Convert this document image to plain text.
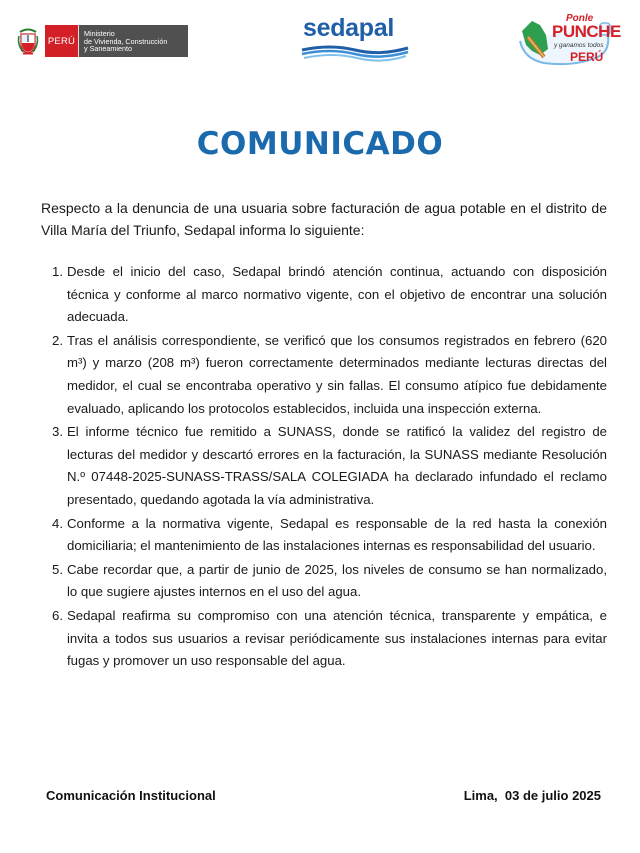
PERÚ
Ministerio
de Vivienda, Construcción
y Saneamiento
sedapal	Ponle
PUNCHE
y ganamos todos
PERÚ
COMUNICADO

Respecto a la denuncia de una usuaria sobre facturación de agua potable en el distrito de Villa María del Triunfo, Sedapal informa lo siguiente:

1. Desde el inicio del caso, Sedapal brindó atención continua, actuando con disposición técnica y conforme al marco normativo vigente, con el objetivo de encontrar una solución adecuada.
2. Tras el análisis correspondiente, se verificó que los consumos registrados en febrero (620 m³) y marzo (208 m³) fueron correctamente determinados mediante lecturas directas del medidor, el cual se encontraba operativo y sin fallas. El consumo atípico fue debidamente evaluado, aplicando los protocolos establecidos, incluida una inspección externa.
3. El informe técnico fue remitido a SUNASS, donde se ratificó la validez del registro de lecturas del medidor y descartó errores en la facturación, la SUNASS mediante Resolución N.º 07448-2025-SUNASS-TRASS/SALA COLEGIADA ha declarado infundado el reclamo presentado, quedando agotada la vía administrativa.
4. Conforme a la normativa vigente, Sedapal es responsable de la red hasta la conexión domiciliaria; el mantenimiento de las instalaciones internas es responsabilidad del usuario.
5. Cabe recordar que, a partir de junio de 2025, los niveles de consumo se han normalizado, lo que sugiere ajustes internos en el uso del agua.
6. Sedapal reafirma su compromiso con una atención técnica, transparente y empática, e invita a todos sus usuarios a revisar periódicamente sus instalaciones internas para evitar fugas y promover un uso responsable del agua.
Comunicación Institucional	Lima,  03 de julio 2025
